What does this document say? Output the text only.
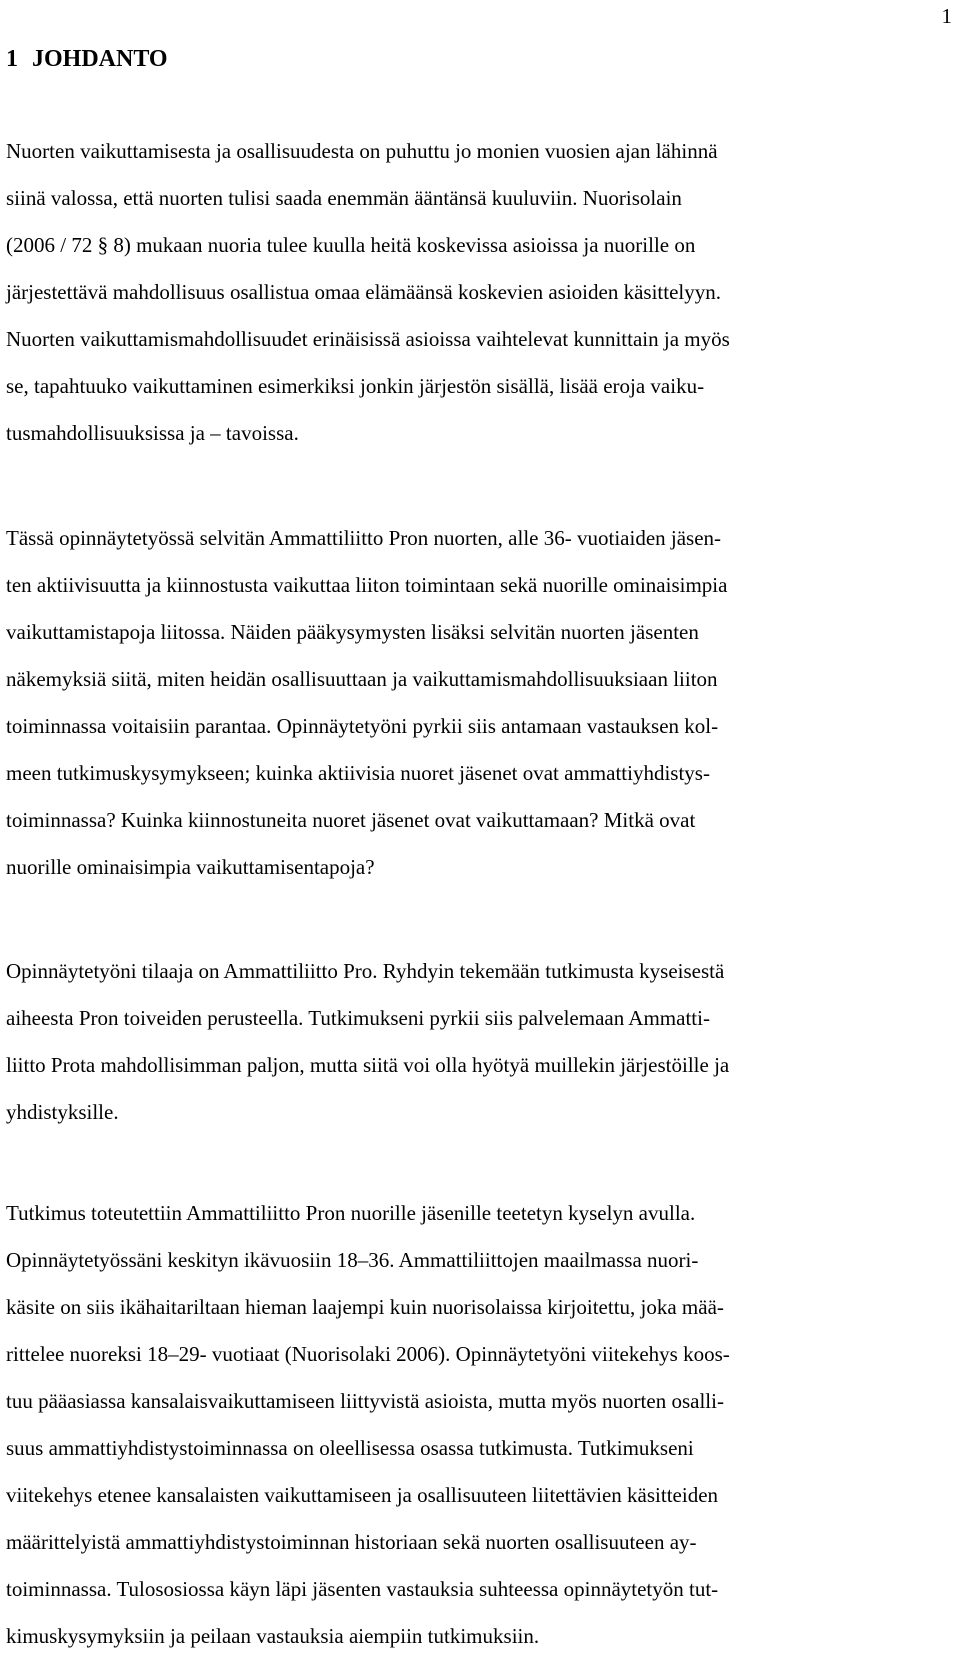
1
1 JOHDANTO
Nuorten vaikuttamisesta ja osallisuudesta on puhuttu jo monien vuosien ajan lähinnä
siinä valossa, että nuorten tulisi saada enemmän ääntänsä kuuluviin. Nuorisolain
(2006 / 72 § 8) mukaan nuoria tulee kuulla heitä koskevissa asioissa ja nuorille on
järjestettävä mahdollisuus osallistua omaa elämäänsä koskevien asioiden käsittelyyn.
Nuorten vaikuttamismahdollisuudet erinäisissä asioissa vaihtelevat kunnittain ja myös
se, tapahtuuko vaikuttaminen esimerkiksi jonkin järjestön sisällä, lisää eroja vaiku-
tusmahdollisuuksissa ja – tavoissa.
Tässä opinnäytetyössä selvitän Ammattiliitto Pron nuorten, alle 36- vuotiaiden jäsen-
ten aktiivisuutta ja kiinnostusta vaikuttaa liiton toimintaan sekä nuorille ominaisimpia
vaikuttamistapoja liitossa. Näiden pääkysymysten lisäksi selvitän nuorten jäsenten
näkemyksiä siitä, miten heidän osallisuuttaan ja vaikuttamismahdollisuuksiaan liiton
toiminnassa voitaisiin parantaa. Opinnäytetyöni pyrkii siis antamaan vastauksen kol-
meen tutkimuskysymykseen; kuinka aktiivisia nuoret jäsenet ovat ammattiyhdistys-
toiminnassa? Kuinka kiinnostuneita nuoret jäsenet ovat vaikuttamaan? Mitkä ovat
nuorille ominaisimpia vaikuttamisentapoja?
Opinnäytetyöni tilaaja on Ammattiliitto Pro. Ryhdyin tekemään tutkimusta kyseisestä
aiheesta Pron toiveiden perusteella. Tutkimukseni pyrkii siis palvelemaan Ammatti-
liitto Prota mahdollisimman paljon, mutta siitä voi olla hyötyä muillekin järjestöille ja
yhdistyksille.
Tutkimus toteutettiin Ammattiliitto Pron nuorille jäsenille teetetyn kyselyn avulla.
Opinnäytetyössäni keskityn ikävuosiin 18–36. Ammattiliittojen maailmassa nuori-
käsite on siis ikähaitariltaan hieman laajempi kuin nuorisolaissa kirjoitettu, joka mää-
rittelee nuoreksi 18–29- vuotiaat (Nuorisolaki 2006). Opinnäytetyöni viitekehys koos-
tuu pääasiassa kansalaisvaikuttamiseen liittyvistä asioista, mutta myös nuorten osalli-
suus ammattiyhdistystoiminnassa on oleellisessa osassa tutkimusta. Tutkimukseni
viitekehys etenee kansalaisten vaikuttamiseen ja osallisuuteen liitettävien käsitteiden
määrittelyistä ammattiyhdistystoiminnan historiaan sekä nuorten osallisuuteen ay-
toiminnassa. Tulososiossa käyn läpi jäsenten vastauksia suhteessa opinnäytetyön tut-
kimuskysymyksiin ja peilaan vastauksia aiempiin tutkimuksiin.
